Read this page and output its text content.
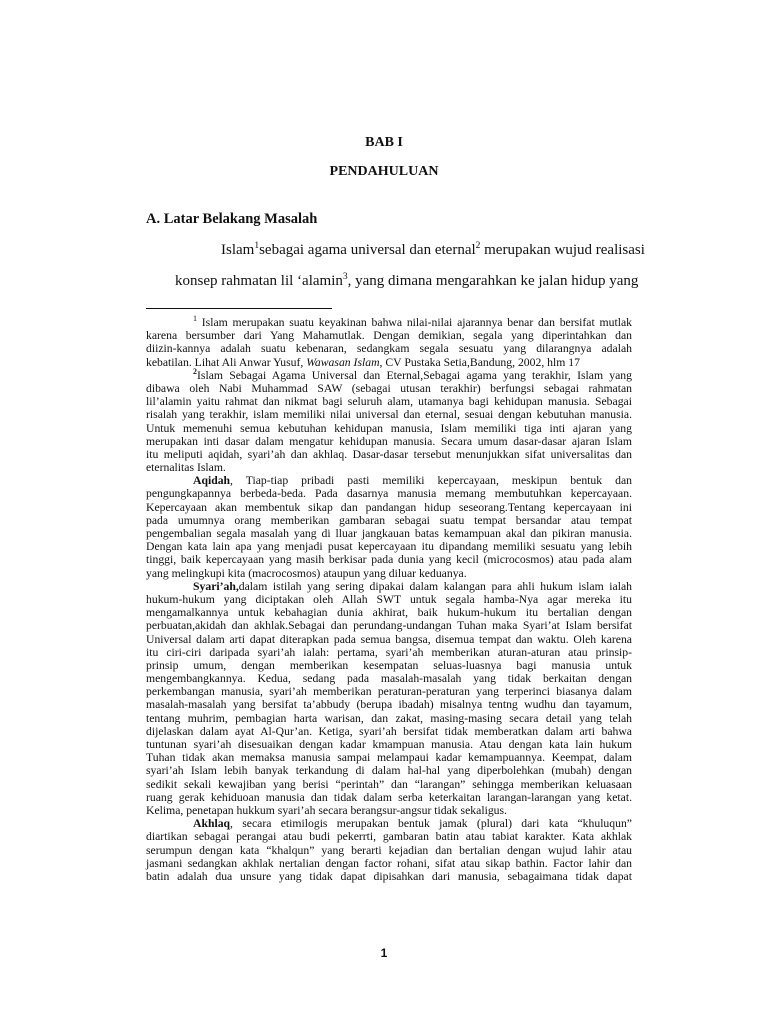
BAB I
PENDAHULUAN
A. Latar Belakang Masalah
Islam$^1$sebagai agama universal dan eternal$^2$ merupakan wujud realisasi
konsep rahmatan lil ‘alamin$^3$, yang dimana mengarahkan ke jalan hidup yang
$^1$ Islam merupakan suatu keyakinan bahwa nilai-nilai ajarannya benar dan bersifat mutlak
karena bersumber dari Yang Mahamutlak. Dengan demikian, segala yang diperintahkan dan
diizin-kannya adalah suatu kebenaran, sedangkam segala sesuatu yang dilarangnya adalah
kebatilan. Lihat Ali Anwar Yusuf, Wawasan Islam, CV Pustaka Setia,Bandung, 2002, hlm 17
$^2$Islam Sebagai Agama Universal dan Eternal,Sebagai agama yang terakhir, Islam yang
dibawa oleh Nabi Muhammad SAW (sebagai utusan terakhir) berfungsi sebagai rahmatan
lil’alamin yaitu rahmat dan nikmat bagi seluruh alam, utamanya bagi kehidupan manusia. Sebagai
risalah yang terakhir, islam memiliki nilai universal dan eternal, sesuai dengan kebutuhan manusia.
Untuk memenuhi semua kebutuhan kehidupan manusia, Islam memiliki tiga inti ajaran yang
merupakan inti dasar dalam mengatur kehidupan manusia. Secara umum dasar-dasar ajaran Islam
itu meliputi aqidah, syari’ah dan akhlaq. Dasar-dasar tersebut menunjukkan sifat universalitas dan
eternalitas Islam.
Aqidah, Tiap-tiap pribadi pasti memiliki kepercayaan, meskipun bentuk dan
pengungkapannya berbeda-beda. Pada dasarnya manusia memang membutuhkan kepercayaan.
Kepercayaan akan membentuk sikap dan pandangan hidup seseorang.Tentang kepercayaan ini
pada umumnya orang memberikan gambaran sebagai suatu tempat bersandar atau tempat
pengembalian segala masalah yang di lluar jangkauan batas kemampuan akal dan pikiran manusia.
Dengan kata lain apa yang menjadi pusat kepercayaan itu dipandang memiliki sesuatu yang lebih
tinggi, baik kepercayaan yang masih berkisar pada dunia yang kecil (microcosmos) atau pada alam
yang melingkupi kita (macrocosmos) ataupun yang diluar keduanya.
Syari’ah,dalam istilah yang sering dipakai dalam kalangan para ahli hukum islam ialah
hukum-hukum yang diciptakan oleh Allah SWT untuk segala hamba-Nya agar mereka itu
mengamalkannya untuk kebahagian dunia akhirat, baik hukum-hukum itu bertalian dengan
perbuatan,akidah dan akhlak.Sebagai dan perundang-undangan Tuhan maka Syari’at Islam bersifat
Universal dalam arti dapat diterapkan pada semua bangsa, disemua tempat dan waktu. Oleh karena
itu ciri-ciri daripada syari’ah ialah: pertama, syari’ah memberikan aturan-aturan atau prinsip-
prinsip umum, dengan memberikan kesempatan seluas-luasnya bagi manusia untuk
mengembangkannya. Kedua, sedang pada masalah-masalah yang tidak berkaitan dengan
perkembangan manusia, syari’ah memberikan peraturan-peraturan yang terperinci biasanya dalam
masalah-masalah yang bersifat ta’abbudy (berupa ibadah) misalnya tentng wudhu dan tayamum,
tentang muhrim, pembagian harta warisan, dan zakat, masing-masing secara detail yang telah
dijelaskan dalam ayat Al-Qur’an. Ketiga, syari’ah bersifat tidak memberatkan dalam arti bahwa
tuntunan syari’ah disesuaikan dengan kadar kmampuan manusia. Atau dengan kata lain hukum
Tuhan tidak akan memaksa manusia sampai melampaui kadar kemampuannya. Keempat, dalam
syari’ah Islam lebih banyak terkandung di dalam hal-hal yang diperbolehkan (mubah) dengan
sedikit sekali kewajiban yang berisi “perintah” dan “larangan” sehingga memberikan keluasaan
ruang gerak kehiduoan manusia dan tidak dalam serba keterkaitan larangan-larangan yang ketat.
Kelima, penetapan hukkum syari’ah secara berangsur-angsur tidak sekaligus.
Akhlaq, secara etimilogis merupakan bentuk jamak (plural) dari kata “khuluqun”
diartikan sebagai perangai atau budi pekerrti, gambaran batin atau tabiat karakter. Kata akhlak
serumpun dengan kata “khalqun” yang berarti kejadian dan bertalian dengan wujud lahir atau
jasmani sedangkan akhlak nertalian dengan factor rohani, sifat atau sikap bathin. Factor lahir dan
batin adalah dua unsure yang tidak dapat dipisahkan dari manusia, sebagaimana tidak dapat
1
